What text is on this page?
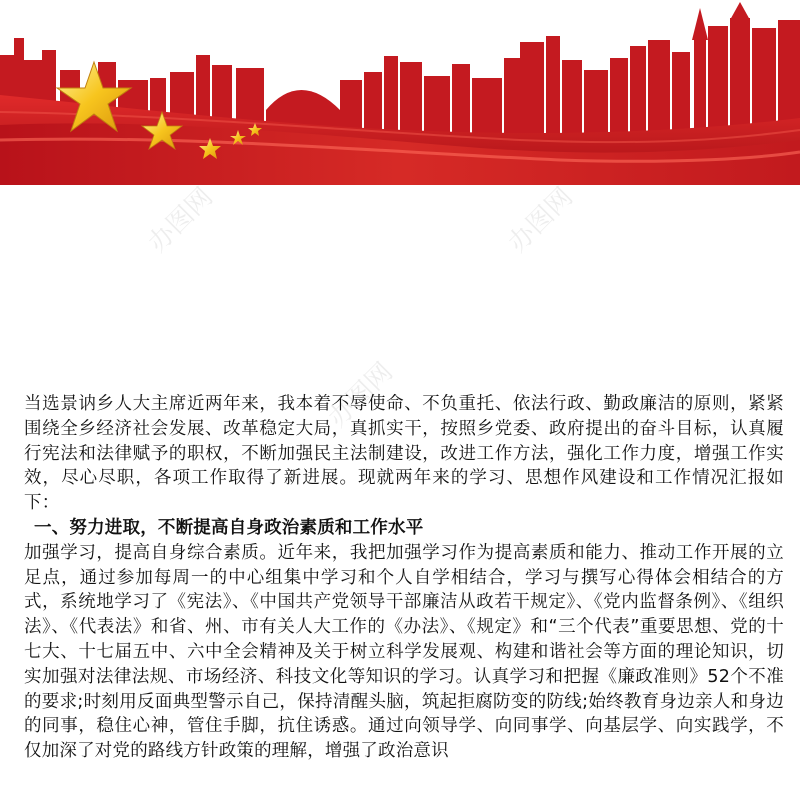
办图网	办图网
办图网

当选景讷乡人大主席近两年来，我本着不辱使命、不负重托、依法行政、勤政廉洁的原则，紧紧围绕全乡经济社会发展、改革稳定大局，真抓实干，按照乡党委、政府提出的奋斗目标，认真履行宪法和法律赋予的职权，不断加强民主法制建设，改进工作方法，强化工作力度，增强工作实效，尽心尽职，各项工作取得了新进展。现就两年来的学习、思想作风建设和工作情况汇报如下：

一、努力进取，不断提高自身政治素质和工作水平

加强学习，提高自身综合素质。近年来，我把加强学习作为提高素质和能力、推动工作开展的立足点，通过参加每周一的中心组集中学习和个人自学相结合，学习与撰写心得体会相结合的方式，系统地学习了《宪法》、《中国共产党领导干部廉洁从政若干规定》、《党内监督条例》、《组织法》、《代表法》和省、州、市有关人大工作的《办法》、《规定》和“三个代表”重要思想、党的十七大、十七届五中、六中全会精神及关于树立科学发展观、构建和谐社会等方面的理论知识，切实加强对法律法规、市场经济、科技文化等知识的学习。认真学习和把握《廉政准则》52个不准的要求;时刻用反面典型警示自己，保持清醒头脑，筑起拒腐防变的防线;始终教育身边亲人和身边的同事，稳住心神，管住手脚，抗住诱惑。通过向领导学、向同事学、向基层学、向实践学，不仅加深了对党的路线方针政策的理解，增强了政治意识
